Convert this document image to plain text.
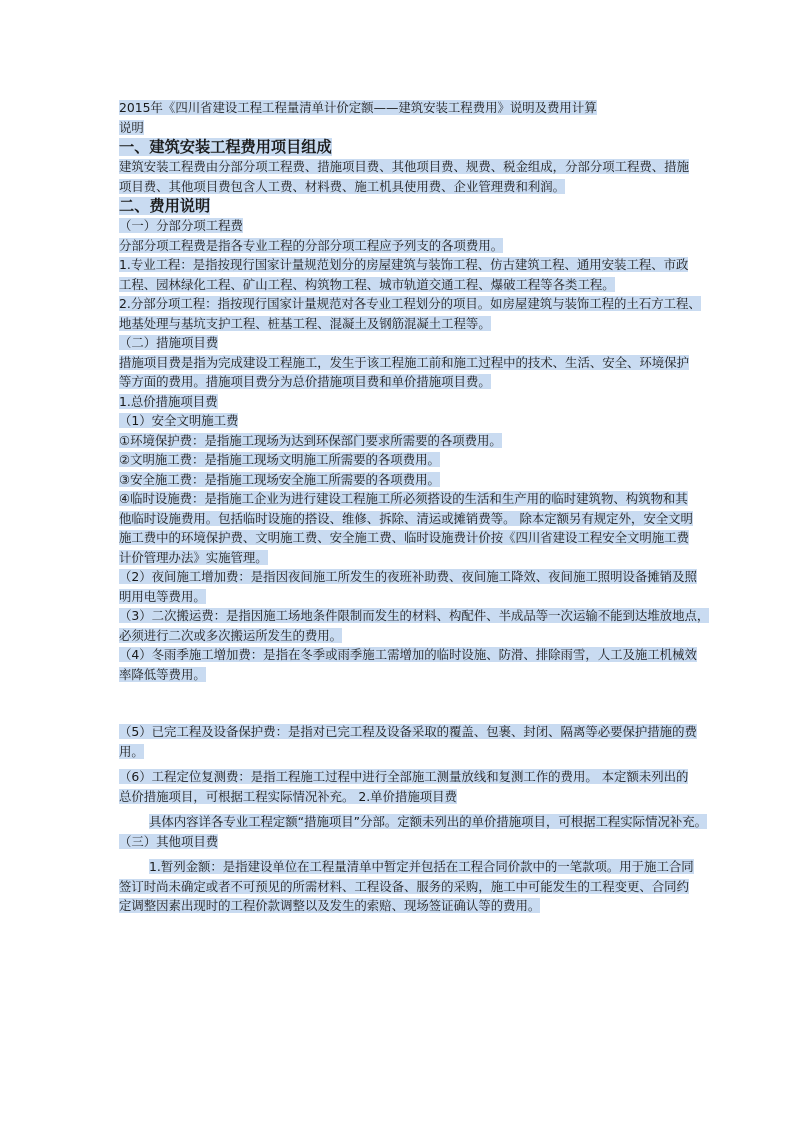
2015年《四川省建设工程工程量清单计价定额——建筑安装工程费用》说明及费用计算
说明
一、建筑安装工程费用项目组成
建筑安装工程费由分部分项工程费、措施项目费、其他项目费、规费、税金组成，分部分项工程费、措施
项目费、其他项目费包含人工费、材料费、施工机具使用费、企业管理费和利润。
二、费用说明
（一）分部分项工程费
分部分项工程费是指各专业工程的分部分项工程应予列支的各项费用。
1.专业工程：是指按现行国家计量规范划分的房屋建筑与装饰工程、仿古建筑工程、通用安装工程、市政
工程、园林绿化工程、矿山工程、构筑物工程、城市轨道交通工程、爆破工程等各类工程。
2.分部分项工程：指按现行国家计量规范对各专业工程划分的项目。如房屋建筑与装饰工程的土石方工程、
地基处理与基坑支护工程、桩基工程、混凝土及钢筋混凝土工程等。
（二）措施项目费
措施项目费是指为完成建设工程施工，发生于该工程施工前和施工过程中的技术、生活、安全、环境保护
等方面的费用。措施项目费分为总价措施项目费和单价措施项目费。
1.总价措施项目费
（1）安全文明施工费
①环境保护费：是指施工现场为达到环保部门要求所需要的各项费用。
②文明施工费：是指施工现场文明施工所需要的各项费用。
③安全施工费：是指施工现场安全施工所需要的各项费用。
④临时设施费：是指施工企业为进行建设工程施工所必须搭设的生活和生产用的临时建筑物、构筑物和其
他临时设施费用。包括临时设施的搭设、维修、拆除、清运或摊销费等。 除本定额另有规定外，安全文明
施工费中的环境保护费、文明施工费、安全施工费、临时设施费计价按《四川省建设工程安全文明施工费
计价管理办法》实施管理。
（2）夜间施工增加费：是指因夜间施工所发生的夜班补助费、夜间施工降效、夜间施工照明设备摊销及照
明用电等费用。
（3）二次搬运费：是指因施工场地条件限制而发生的材料、构配件、半成品等一次运输不能到达堆放地点，
必须进行二次或多次搬运所发生的费用。
（4）冬雨季施工增加费：是指在冬季或雨季施工需增加的临时设施、防滑、排除雨雪，人工及施工机械效
率降低等费用。
（5）已完工程及设备保护费：是指对已完工程及设备采取的覆盖、包裹、封闭、隔离等必要保护措施的费
用。
（6）工程定位复测费：是指工程施工过程中进行全部施工测量放线和复测工作的费用。 本定额未列出的
总价措施项目，可根据工程实际情况补充。 2.单价措施项目费
具体内容详各专业工程定额“措施项目”分部。定额未列出的单价措施项目，可根据工程实际情况补充。
（三）其他项目费
1.暂列金额：是指建设单位在工程量清单中暂定并包括在工程合同价款中的一笔款项。用于施工合同
签订时尚未确定或者不可预见的所需材料、工程设备、服务的采购，施工中可能发生的工程变更、合同约
定调整因素出现时的工程价款调整以及发生的索赔、现场签证确认等的费用。
